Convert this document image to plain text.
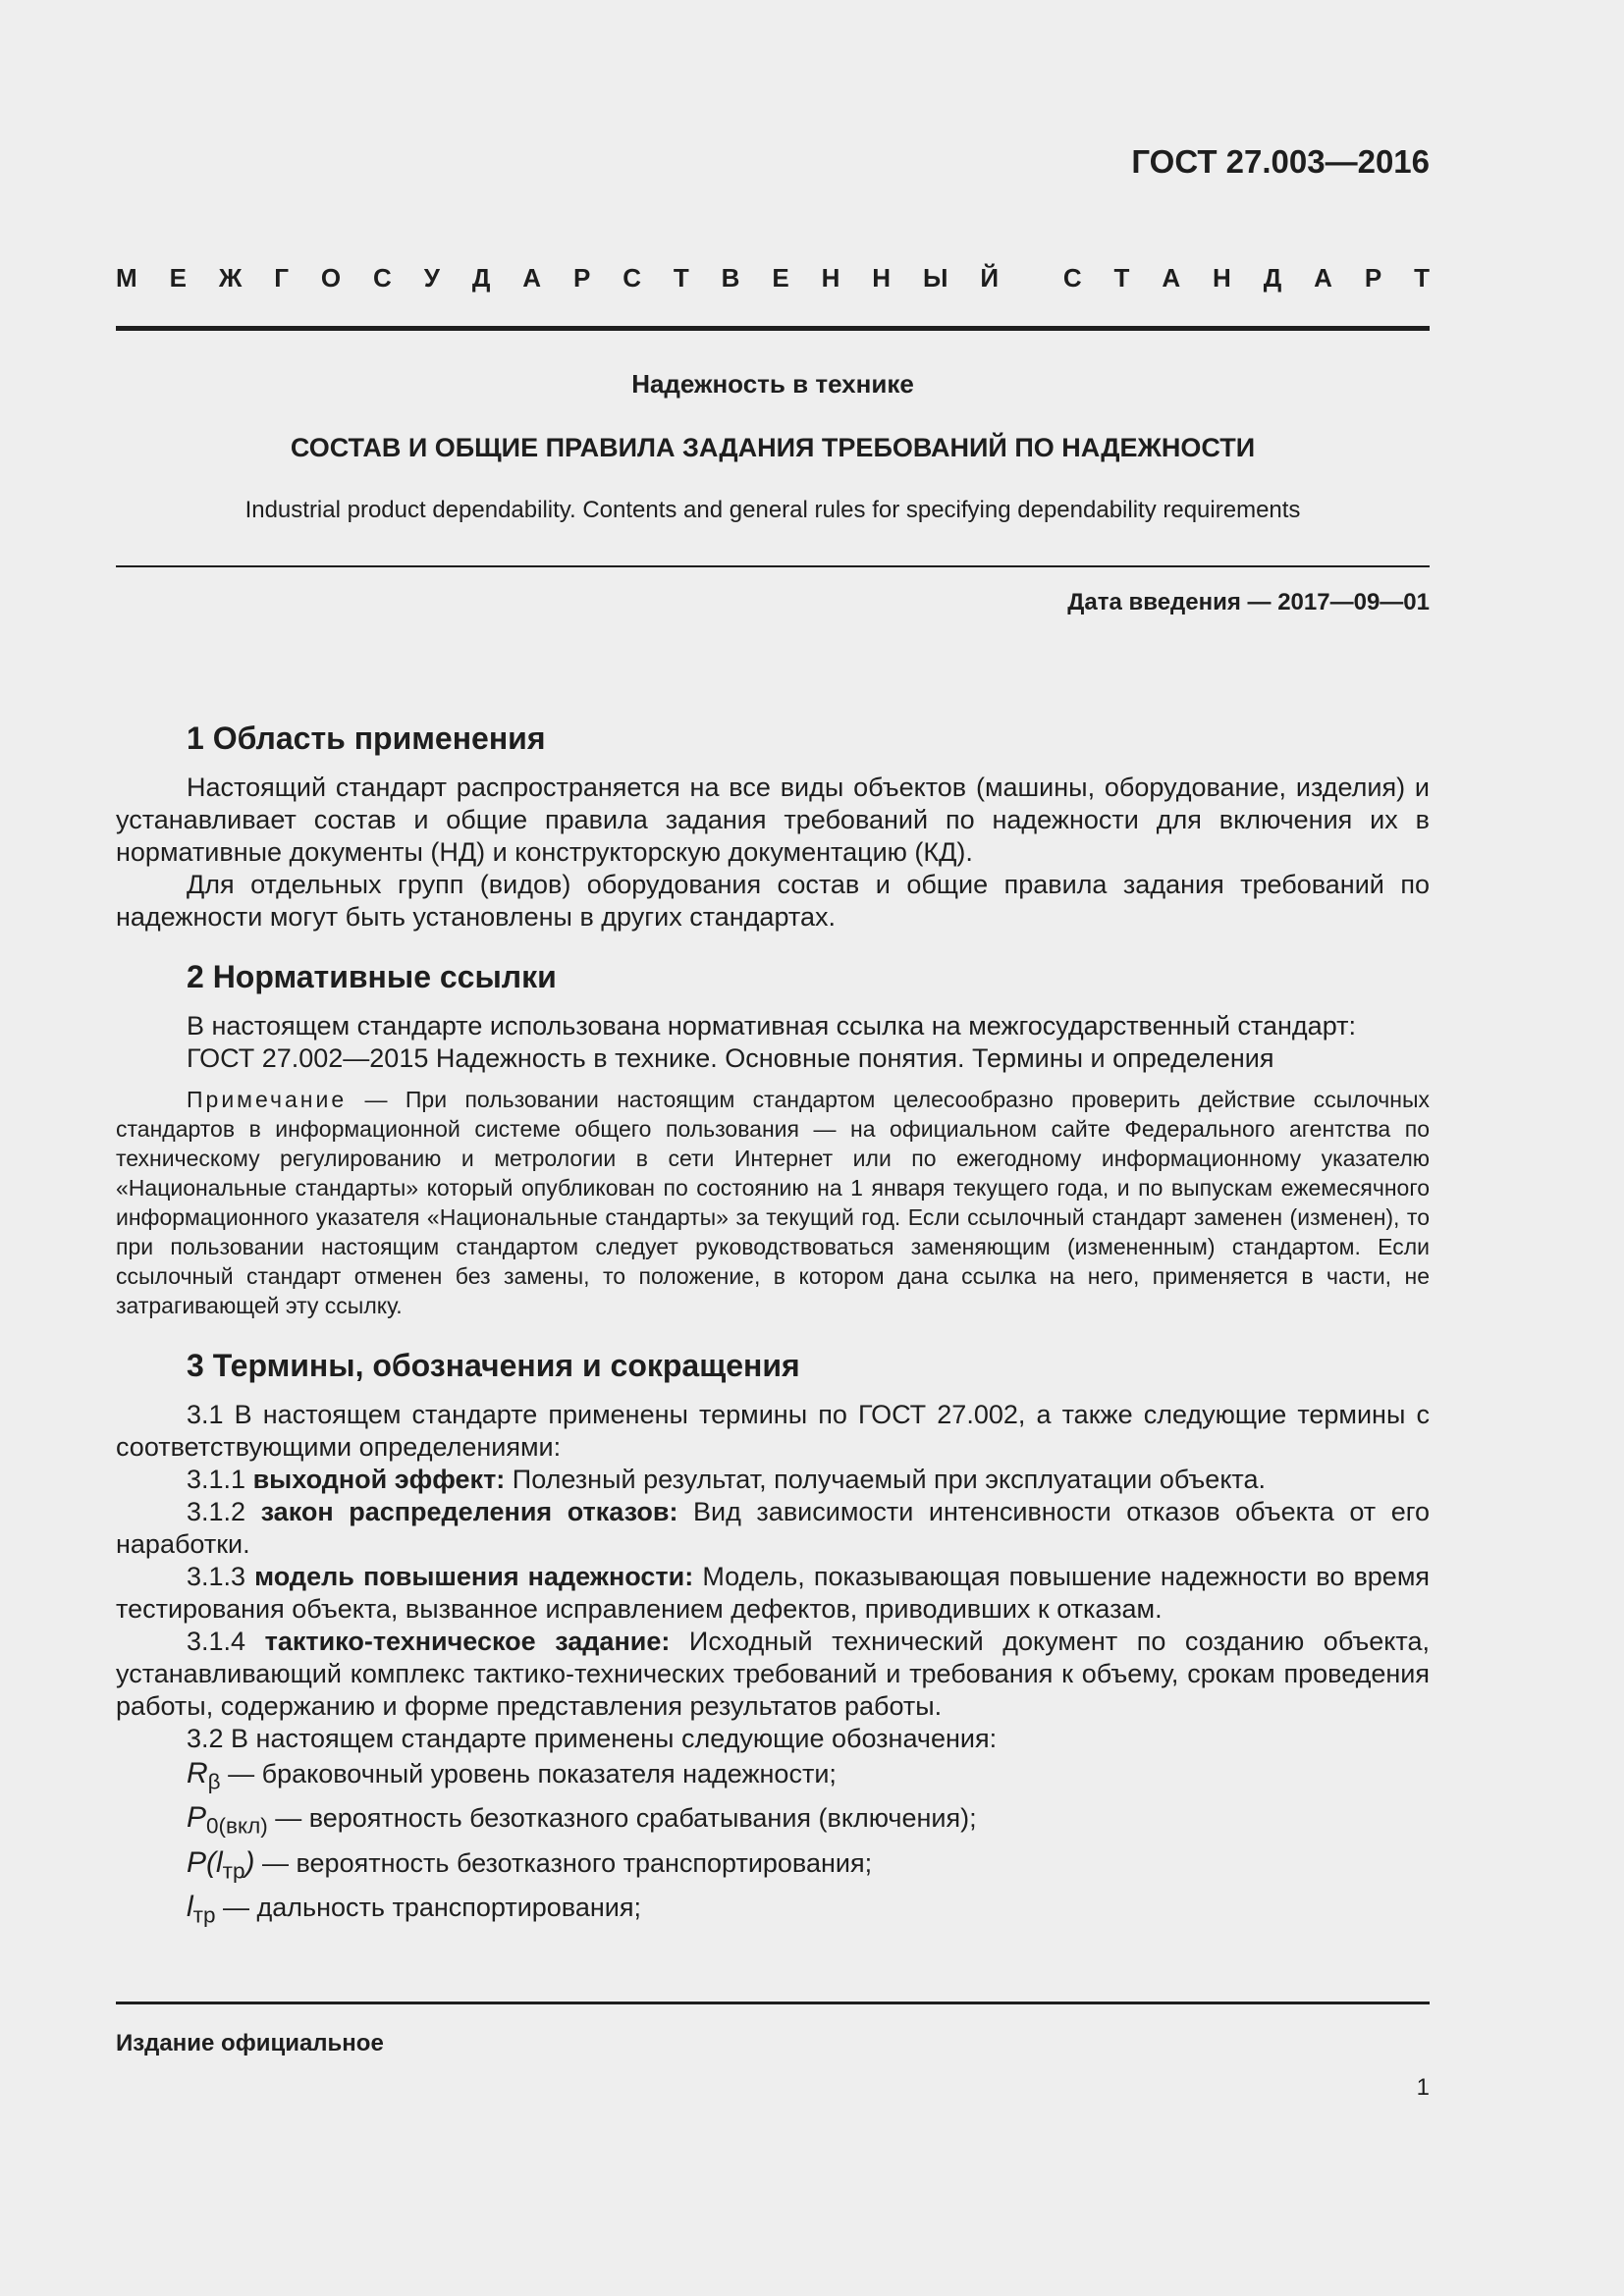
ГОСТ 27.003—2016
М Е Ж Г О С У Д А Р С Т В Е Н Н Ы Й	С Т А Н Д А Р Т
Надежность в технике
СОСТАВ И ОБЩИЕ ПРАВИЛА ЗАДАНИЯ ТРЕБОВАНИЙ ПО НАДЕЖНОСТИ
Industrial product dependability. Contents and general rules for specifying dependability requirements
Дата введения — 2017—09—01
1 Область применения

Настоящий стандарт распространяется на все виды объектов (машины, оборудование, изделия) и устанавливает состав и общие правила задания требований по надежности для включения их в нормативные документы (НД) и конструкторскую документацию (КД).

Для отдельных групп (видов) оборудования состав и общие правила задания требований по надежности могут быть установлены в других стандартах.

2 Нормативные ссылки

В настоящем стандарте использована нормативная ссылка на межгосударственный стандарт:

ГОСТ 27.002—2015 Надежность в технике. Основные понятия. Термины и определения

Примечание — При пользовании настоящим стандартом целесообразно проверить действие ссылочных стандартов в информационной системе общего пользования — на официальном сайте Федерального агентства по техническому регулированию и метрологии в сети Интернет или по ежегодному информационному указателю «Национальные стандарты» который опубликован по состоянию на 1 января текущего года, и по выпускам ежемесячного информационного указателя «Национальные стандарты» за текущий год. Если ссылочный стандарт заменен (изменен), то при пользовании настоящим стандартом следует руководствоваться заменяющим (измененным) стандартом. Если ссылочный стандарт отменен без замены, то положение, в котором дана ссылка на него, применяется в части, не затрагивающей эту ссылку.

3 Термины, обозначения и сокращения

3.1 В настоящем стандарте применены термины по ГОСТ 27.002, а также следующие термины с соответствующими определениями:

3.1.1 выходной эффект: Полезный результат, получаемый при эксплуатации объекта.

3.1.2 закон распределения отказов: Вид зависимости интенсивности отказов объекта от его наработки.

3.1.3 модель повышения надежности: Модель, показывающая повышение надежности во время тестирования объекта, вызванное исправлением дефектов, приводивших к отказам.

3.1.4 тактико-техническое задание: Исходный технический документ по созданию объекта, устанавливающий комплекс тактико-технических требований и требования к объему, срокам проведения работы, содержанию и форме представления результатов работы.

3.2 В настоящем стандарте применены следующие обозначения:

$R_\beta$ — браковочный уровень показателя надежности;

$P_{0(вкл)}$ — вероятность безотказного срабатывания (включения);

$P(l_{тр})$ — вероятность безотказного транспортирования;

$l_{тр}$ — дальность транспортирования;

Издание официальное
1
